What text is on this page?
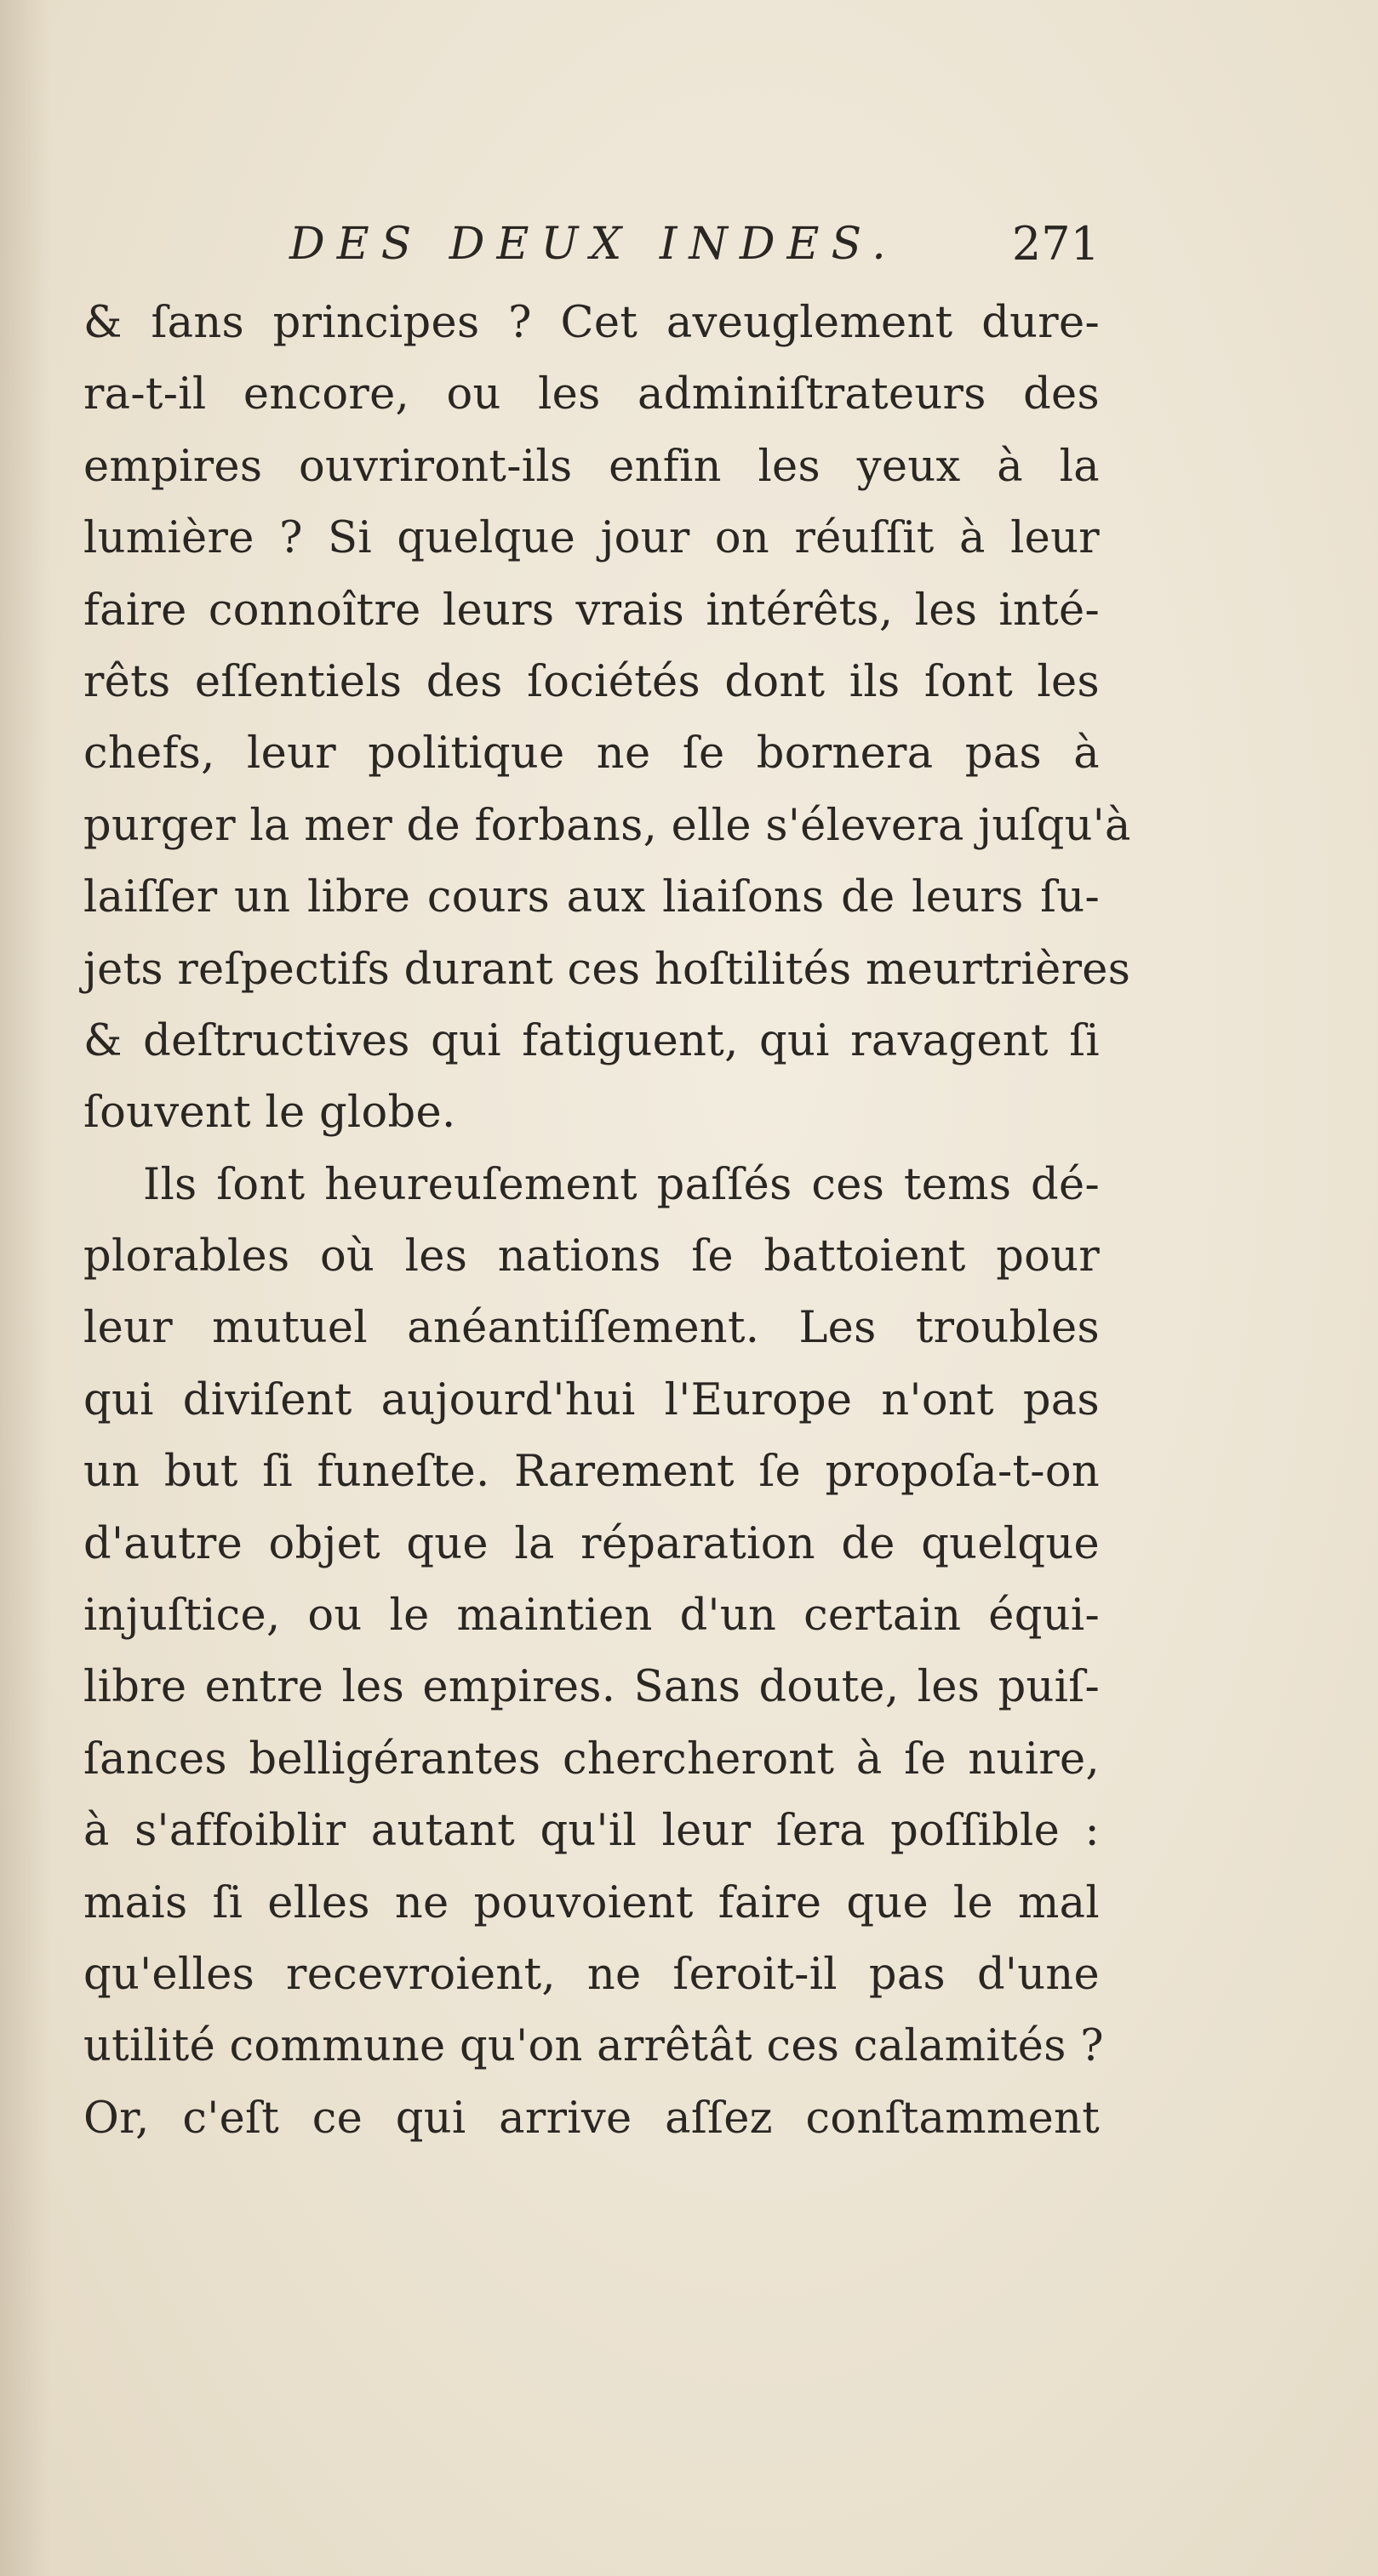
DES DEUX INDES. 271
& ſans principes ? Cet aveuglement dure-
ra-t-il encore, ou les adminiſtrateurs des
empires ouvriront-ils enfin les yeux à la
lumière ? Si quelque jour on réuſſit à leur
faire connoître leurs vrais intérêts, les inté-
rêts eſſentiels des ſociétés dont ils ſont les
chefs, leur politique ne ſe bornera pas à
purger la mer de forbans, elle s'élevera juſqu'à
laiſſer un libre cours aux liaiſons de leurs ſu-
jets reſpectifs durant ces hoſtilités meurtrières
& deſtructives qui fatiguent, qui ravagent ſi
ſouvent le globe.
Ils ſont heureuſement paſſés ces tems dé-
plorables où les nations ſe battoient pour
leur mutuel anéantiſſement. Les troubles
qui diviſent aujourd'hui l'Europe n'ont pas
un but ſi funeſte. Rarement ſe propoſa-t-on
d'autre objet que la réparation de quelque
injuſtice, ou le maintien d'un certain équi-
libre entre les empires. Sans doute, les puiſ-
ſances belligérantes chercheront à ſe nuire,
à s'affoiblir autant qu'il leur ſera poſſible :
mais ſi elles ne pouvoient faire que le mal
qu'elles recevroient, ne ſeroit-il pas d'une
utilité commune qu'on arrêtât ces calamités ?
Or, c'eſt ce qui arrive aſſez conſtamment
